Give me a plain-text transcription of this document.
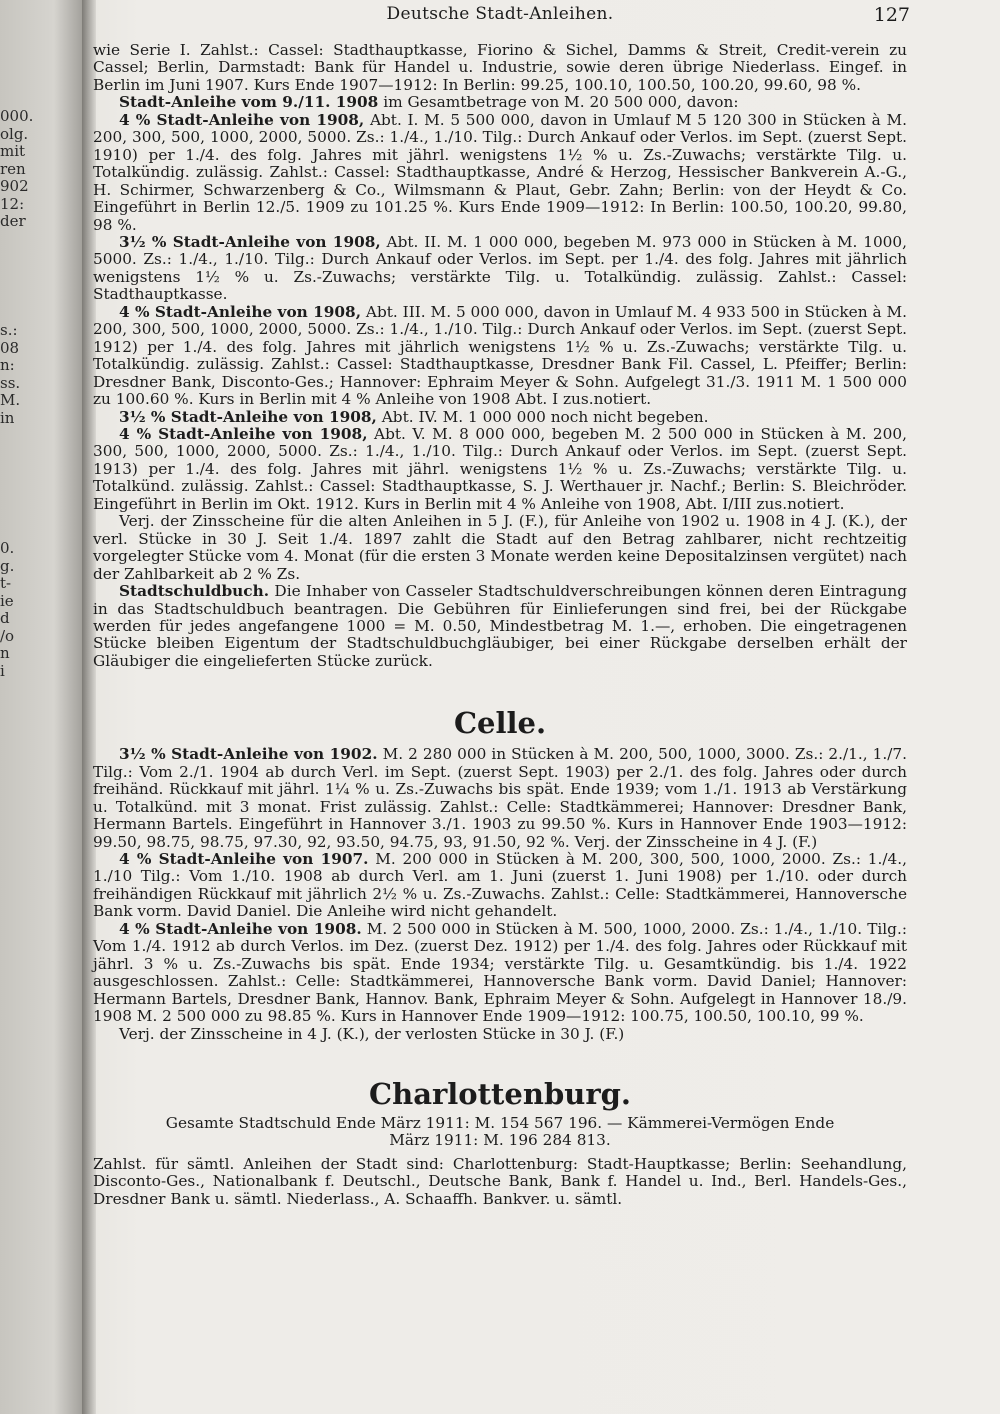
000.
olg.
mit
ren
902
12:
der
s.:
08
n:
ss.
M.
in
0.
g.
t-
ie
d
/o
n
i
Deutsche Stadt-Anleihen.	127

wie Serie I. Zahlst.: Cassel: Stadthauptkasse, Fiorino & Sichel, Damms & Streit, Credit-verein zu Cassel; Berlin, Darmstadt: Bank für Handel u. Industrie, sowie deren übrige Niederlass. Eingef. in Berlin im Juni 1907. Kurs Ende 1907—1912: In Berlin: 99.25, 100.10, 100.50, 100.20, 99.60, 98 %.

Stadt-Anleihe vom 9./11. 1908 im Gesamtbetrage von M. 20 500 000, davon:

4 % Stadt-Anleihe von 1908, Abt. I. M. 5 500 000, davon in Umlauf M 5 120 300 in Stücken à M. 200, 300, 500, 1000, 2000, 5000. Zs.: 1./4., 1./10. Tilg.: Durch Ankauf oder Verlos. im Sept. (zuerst Sept. 1910) per 1./4. des folg. Jahres mit jährl. wenigstens 1½ % u. Zs.-Zuwachs; verstärkte Tilg. u. Totalkündig. zulässig. Zahlst.: Cassel: Stadthauptkasse, André & Herzog, Hessischer Bankverein A.-G., H. Schirmer, Schwarzenberg & Co., Wilmsmann & Plaut, Gebr. Zahn; Berlin: von der Heydt & Co. Eingeführt in Berlin 12./5. 1909 zu 101.25 %. Kurs Ende 1909—1912: In Berlin: 100.50, 100.20, 99.80, 98 %.

3½ % Stadt-Anleihe von 1908, Abt. II. M. 1 000 000, begeben M. 973 000 in Stücken à M. 1000, 5000. Zs.: 1./4., 1./10. Tilg.: Durch Ankauf oder Verlos. im Sept. per 1./4. des folg. Jahres mit jährlich wenigstens 1½ % u. Zs.-Zuwachs; verstärkte Tilg. u. Totalkündig. zulässig. Zahlst.: Cassel: Stadthauptkasse.

4 % Stadt-Anleihe von 1908, Abt. III. M. 5 000 000, davon in Umlauf M. 4 933 500 in Stücken à M. 200, 300, 500, 1000, 2000, 5000. Zs.: 1./4., 1./10. Tilg.: Durch Ankauf oder Verlos. im Sept. (zuerst Sept. 1912) per 1./4. des folg. Jahres mit jährlich wenigstens 1½ % u. Zs.-Zuwachs; verstärkte Tilg. u. Totalkündig. zulässig. Zahlst.: Cassel: Stadthauptkasse, Dresdner Bank Fil. Cassel, L. Pfeiffer; Berlin: Dresdner Bank, Disconto-Ges.; Hannover: Ephraim Meyer & Sohn. Aufgelegt 31./3. 1911 M. 1 500 000 zu 100.60 %. Kurs in Berlin mit 4 % Anleihe von 1908 Abt. I zus.notiert.

3½ % Stadt-Anleihe von 1908, Abt. IV. M. 1 000 000 noch nicht begeben.

4 % Stadt-Anleihe von 1908, Abt. V. M. 8 000 000, begeben M. 2 500 000 in Stücken à M. 200, 300, 500, 1000, 2000, 5000. Zs.: 1./4., 1./10. Tilg.: Durch Ankauf oder Verlos. im Sept. (zuerst Sept. 1913) per 1./4. des folg. Jahres mit jährl. wenigstens 1½ % u. Zs.-Zuwachs; verstärkte Tilg. u. Totalkünd. zulässig. Zahlst.: Cassel: Stadthauptkasse, S. J. Werthauer jr. Nachf.; Berlin: S. Bleichröder. Eingeführt in Berlin im Okt. 1912. Kurs in Berlin mit 4 % Anleihe von 1908, Abt. I/III zus.notiert.

Verj. der Zinsscheine für die alten Anleihen in 5 J. (F.), für Anleihe von 1902 u. 1908 in 4 J. (K.), der verl. Stücke in 30 J. Seit 1./4. 1897 zahlt die Stadt auf den Betrag zahlbarer, nicht rechtzeitig vorgelegter Stücke vom 4. Monat (für die ersten 3 Monate werden keine Depositalzinsen vergütet) nach der Zahlbarkeit ab 2 % Zs.

Stadtschuldbuch. Die Inhaber von Casseler Stadtschuldverschreibungen können deren Eintragung in das Stadtschuldbuch beantragen. Die Gebühren für Einlieferungen sind frei, bei der Rückgabe werden für jedes angefangene 1000 = M. 0.50, Mindestbetrag M. 1.—, erhoben. Die eingetragenen Stücke bleiben Eigentum der Stadtschuldbuchgläubiger, bei einer Rückgabe derselben erhält der Gläubiger die eingelieferten Stücke zurück.

Celle.

3½ % Stadt-Anleihe von 1902. M. 2 280 000 in Stücken à M. 200, 500, 1000, 3000. Zs.: 2./1., 1./7. Tilg.: Vom 2./1. 1904 ab durch Verl. im Sept. (zuerst Sept. 1903) per 2./1. des folg. Jahres oder durch freihänd. Rückkauf mit jährl. 1¼ % u. Zs.-Zuwachs bis spät. Ende 1939; vom 1./1. 1913 ab Verstärkung u. Totalkünd. mit 3 monat. Frist zulässig. Zahlst.: Celle: Stadtkämmerei; Hannover: Dresdner Bank, Hermann Bartels. Eingeführt in Hannover 3./1. 1903 zu 99.50 %. Kurs in Hannover Ende 1903—1912: 99.50, 98.75, 98.75, 97.30, 92, 93.50, 94.75, 93, 91.50, 92 %. Verj. der Zinsscheine in 4 J. (F.)

4 % Stadt-Anleihe von 1907. M. 200 000 in Stücken à M. 200, 300, 500, 1000, 2000. Zs.: 1./4., 1./10 Tilg.: Vom 1./10. 1908 ab durch Verl. am 1. Juni (zuerst 1. Juni 1908) per 1./10. oder durch freihändigen Rückkauf mit jährlich 2½ % u. Zs.-Zuwachs. Zahlst.: Celle: Stadtkämmerei, Hannoversche Bank vorm. David Daniel. Die Anleihe wird nicht gehandelt.

4 % Stadt-Anleihe von 1908. M. 2 500 000 in Stücken à M. 500, 1000, 2000. Zs.: 1./4., 1./10. Tilg.: Vom 1./4. 1912 ab durch Verlos. im Dez. (zuerst Dez. 1912) per 1./4. des folg. Jahres oder Rückkauf mit jährl. 3 % u. Zs.-Zuwachs bis spät. Ende 1934; verstärkte Tilg. u. Gesamtkündig. bis 1./4. 1922 ausgeschlossen. Zahlst.: Celle: Stadtkämmerei, Hannoversche Bank vorm. David Daniel; Hannover: Hermann Bartels, Dresdner Bank, Hannov. Bank, Ephraim Meyer & Sohn. Aufgelegt in Hannover 18./9. 1908 M. 2 500 000 zu 98.85 %. Kurs in Hannover Ende 1909—1912: 100.75, 100.50, 100.10, 99 %.

Verj. der Zinsscheine in 4 J. (K.), der verlosten Stücke in 30 J. (F.)

Charlottenburg.

Gesamte Stadtschuld Ende März 1911: M. 154 567 196. — Kämmerei-Vermögen Ende

März 1911: M. 196 284 813.

Zahlst. für sämtl. Anleihen der Stadt sind: Charlottenburg: Stadt-Hauptkasse; Berlin: Seehandlung, Disconto-Ges., Nationalbank f. Deutschl., Deutsche Bank, Bank f. Handel u. Ind., Berl. Handels-Ges., Dresdner Bank u. sämtl. Niederlass., A. Schaaffh. Bankver. u. sämtl.
